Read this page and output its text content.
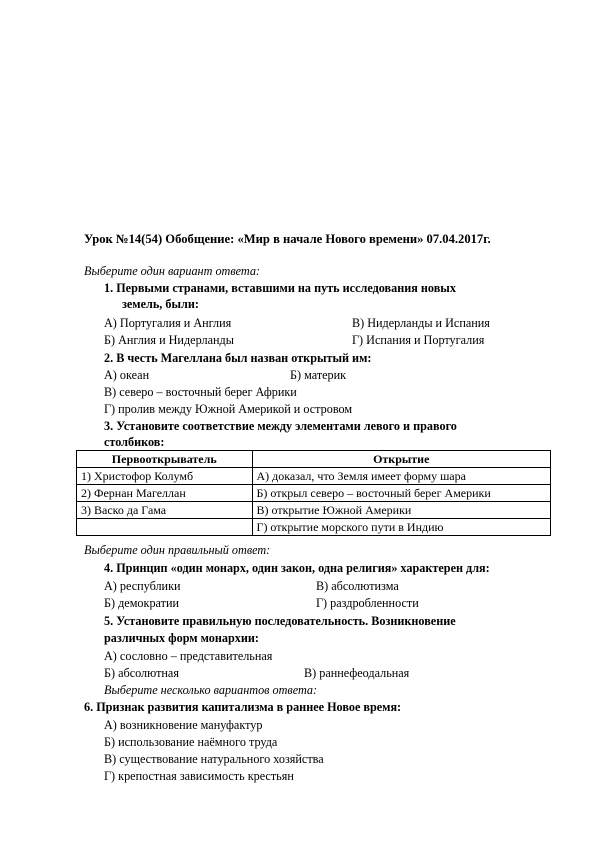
Урок №14(54) Обобщение: «Мир в начале Нового времени» 07.04.2017г.
Выберите один вариант ответа:
1. Первыми странами, вставшими на путь исследования новых
земель, были:
А) Португалия и Англия	В) Нидерланды и Испания
Б) Англия и Нидерланды	Г) Испания и Португалия
2. В честь Магеллана был назван открытый им:
А) океан	Б) материк
В) северо – восточный берег Африки
Г) пролив между Южной Америкой и островом
3. Установите соответствие между элементами левого и правого
столбиков:
Первооткрыватель	Открытие
1) Христофор Колумб	А) доказал, что Земля имеет форму шара
2) Фернан Магеллан	Б) открыл северо – восточный берег Америки
3) Васко да Гама	В) открытие Южной Америки
	Г) открытие морского пути в Индию
Выберите один правильный ответ:
4. Принцип «один монарх, один закон, одна религия» характерен для:
А) республики	В) абсолютизма
Б) демократии	Г) раздробленности
5. Установите правильную последовательность. Возникновение
различных форм монархии:
А) сословно – представительная
Б) абсолютная	В) раннефеодальная
Выберите несколько вариантов ответа:
6. Признак развития капитализма в раннее Новое время:
А) возникновение мануфактур
Б) использование наёмного труда
В) существование натурального хозяйства
Г) крепостная зависимость крестьян
